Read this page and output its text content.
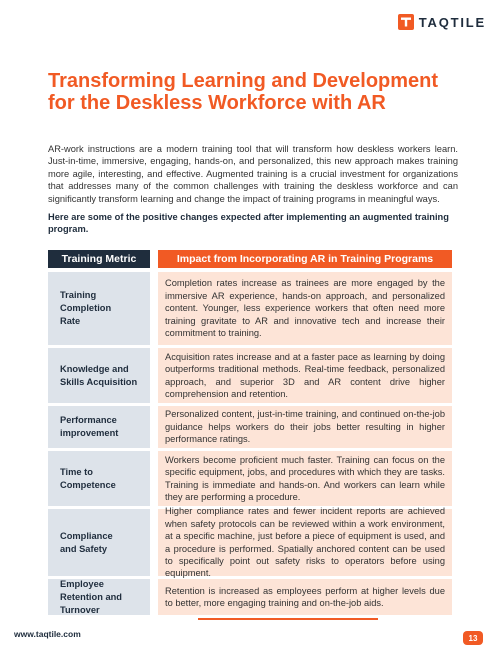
TAQTILE
Transforming Learning and Development for the Deskless Workforce with AR

AR-work instructions are a modern training tool that will transform how deskless workers learn. Just-in-time, immersive, engaging, hands-on, and personalized, this new approach makes training more agile, interesting, and effective. Augmented training is a crucial investment for organizations that addresses many of the common challenges with training the deskless workforce and can significantly transform learning and change the impact of training programs in meaningful ways.

Here are some of the positive changes expected after implementing an augmented training program.

Training Metric	Impact from Incorporating AR in Training Programs
Training Completion Rate
Completion rates increase as trainees are more engaged by the immersive AR experience, hands-on approach, and personalized content. Younger, less experience workers that often need more training gravitate to AR and innovative tech and increase their commitment to training.
Knowledge and Skills Acquisition
Acquisition rates increase and at a faster pace as learning by doing outperforms traditional methods. Real-time feedback, personalized approach, and superior 3D and AR content drive higher comprehension and retention.
Performance improvement
Personalized content, just-in-time training, and continued on-the-job guidance helps workers do their jobs better resulting in higher performance ratings.
Time to Competence
Workers become proficient much faster. Training can focus on the specific equipment, jobs, and procedures with which they are tasks. Training is immediate and hands-on. And workers can learn while they are performing a procedure.
Compliance and Safety
Higher compliance rates and fewer incident reports are achieved when safety protocols can be reviewed within a work environment, at a specific machine, just before a piece of equipment is used, and a procedure is performed. Spatially anchored content can be used to specifically point out safety risks to operators before using equipment.
Employee Retention and Turnover
Retention is increased as employees perform at higher levels due to better, more engaging training and on-the-job aids.
www.taqtile.com	13
